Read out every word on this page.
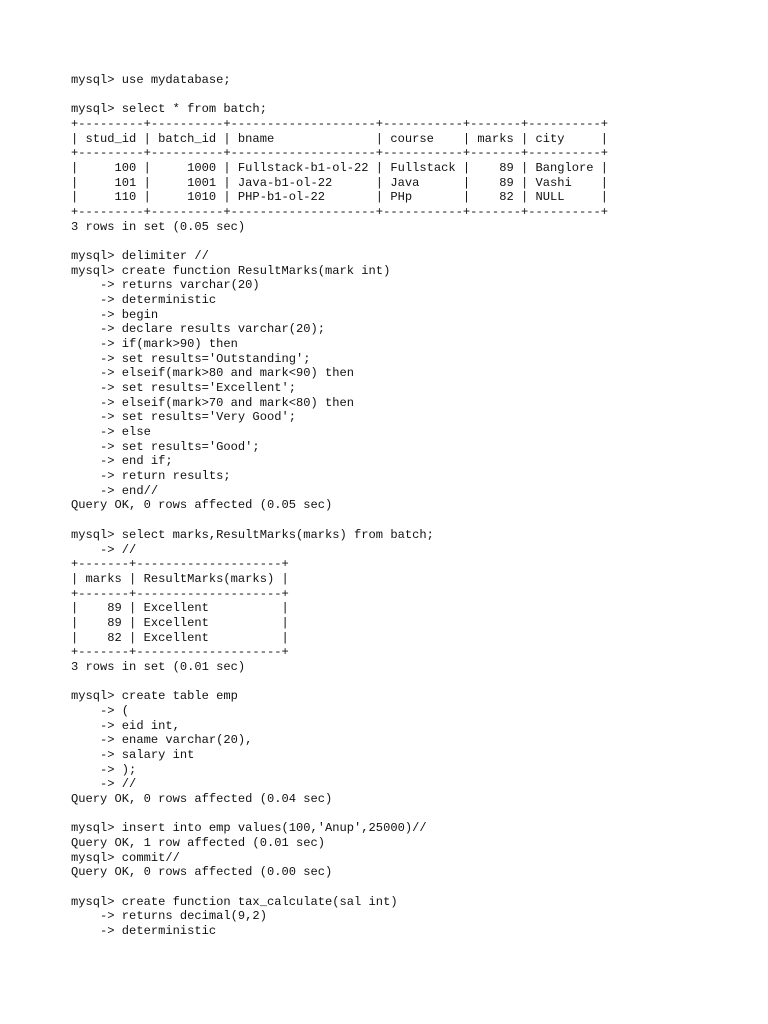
mysql> use mydatabase;

mysql> select * from batch;
+---------+----------+--------------------+-----------+-------+----------+
| stud_id | batch_id | bname              | course    | marks | city     |
+---------+----------+--------------------+-----------+-------+----------+
|     100 |     1000 | Fullstack-b1-ol-22 | Fullstack |    89 | Banglore |
|     101 |     1001 | Java-b1-ol-22      | Java      |    89 | Vashi    |
|     110 |     1010 | PHP-b1-ol-22       | PHp       |    82 | NULL     |
+---------+----------+--------------------+-----------+-------+----------+
3 rows in set (0.05 sec)

mysql> delimiter //
mysql> create function ResultMarks(mark int)
-> returns varchar(20)
-> deterministic
-> begin
-> declare results varchar(20);
-> if(mark>90) then
-> set results='Outstanding';
-> elseif(mark>80 and mark<90) then
-> set results='Excellent';
-> elseif(mark>70 and mark<80) then
-> set results='Very Good';
-> else
-> set results='Good';
-> end if;
-> return results;
-> end//
Query OK, 0 rows affected (0.05 sec)

mysql> select marks,ResultMarks(marks) from batch;
-> //
+-------+--------------------+
| marks | ResultMarks(marks) |
+-------+--------------------+
|    89 | Excellent          |
|    89 | Excellent          |
|    82 | Excellent          |
+-------+--------------------+
3 rows in set (0.01 sec)

mysql> create table emp
-> (
-> eid int,
-> ename varchar(20),
-> salary int
-> );
-> //
Query OK, 0 rows affected (0.04 sec)

mysql> insert into emp values(100,'Anup',25000)//
Query OK, 1 row affected (0.01 sec)
mysql> commit//
Query OK, 0 rows affected (0.00 sec)

mysql> create function tax_calculate(sal int)
-> returns decimal(9,2)
-> deterministic
